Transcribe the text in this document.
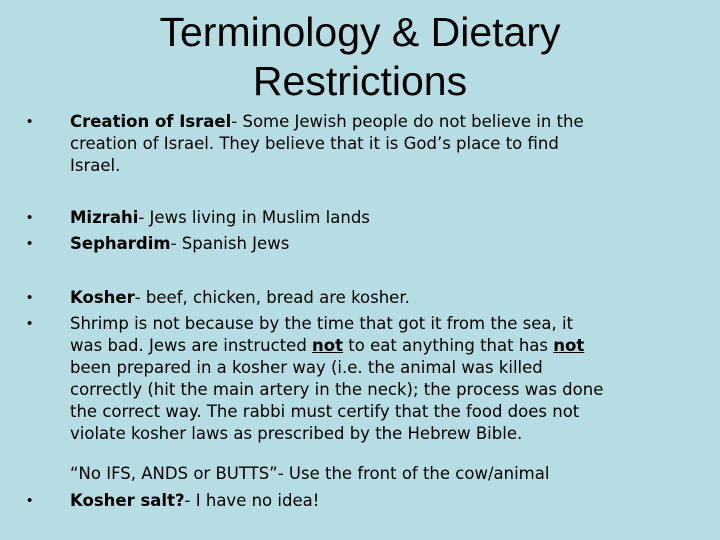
Terminology & Dietary
Restrictions
• Creation of Israel- Some Jewish people do not believe in the
creation of Israel. They believe that it is God’s place to find
Israel.
• Mizrahi- Jews living in Muslim lands
• Sephardim- Spanish Jews
• Kosher- beef, chicken, bread are kosher.
• Shrimp is not because by the time that got it from the sea, it
was bad. Jews are instructed not to eat anything that has not
been prepared in a kosher way (i.e. the animal was killed
correctly (hit the main artery in the neck); the process was done
the correct way. The rabbi must certify that the food does not
violate kosher laws as prescribed by the Hebrew Bible.
“No IFS, ANDS or BUTTS”- Use the front of the cow/animal
• Kosher salt?- I have no idea!
